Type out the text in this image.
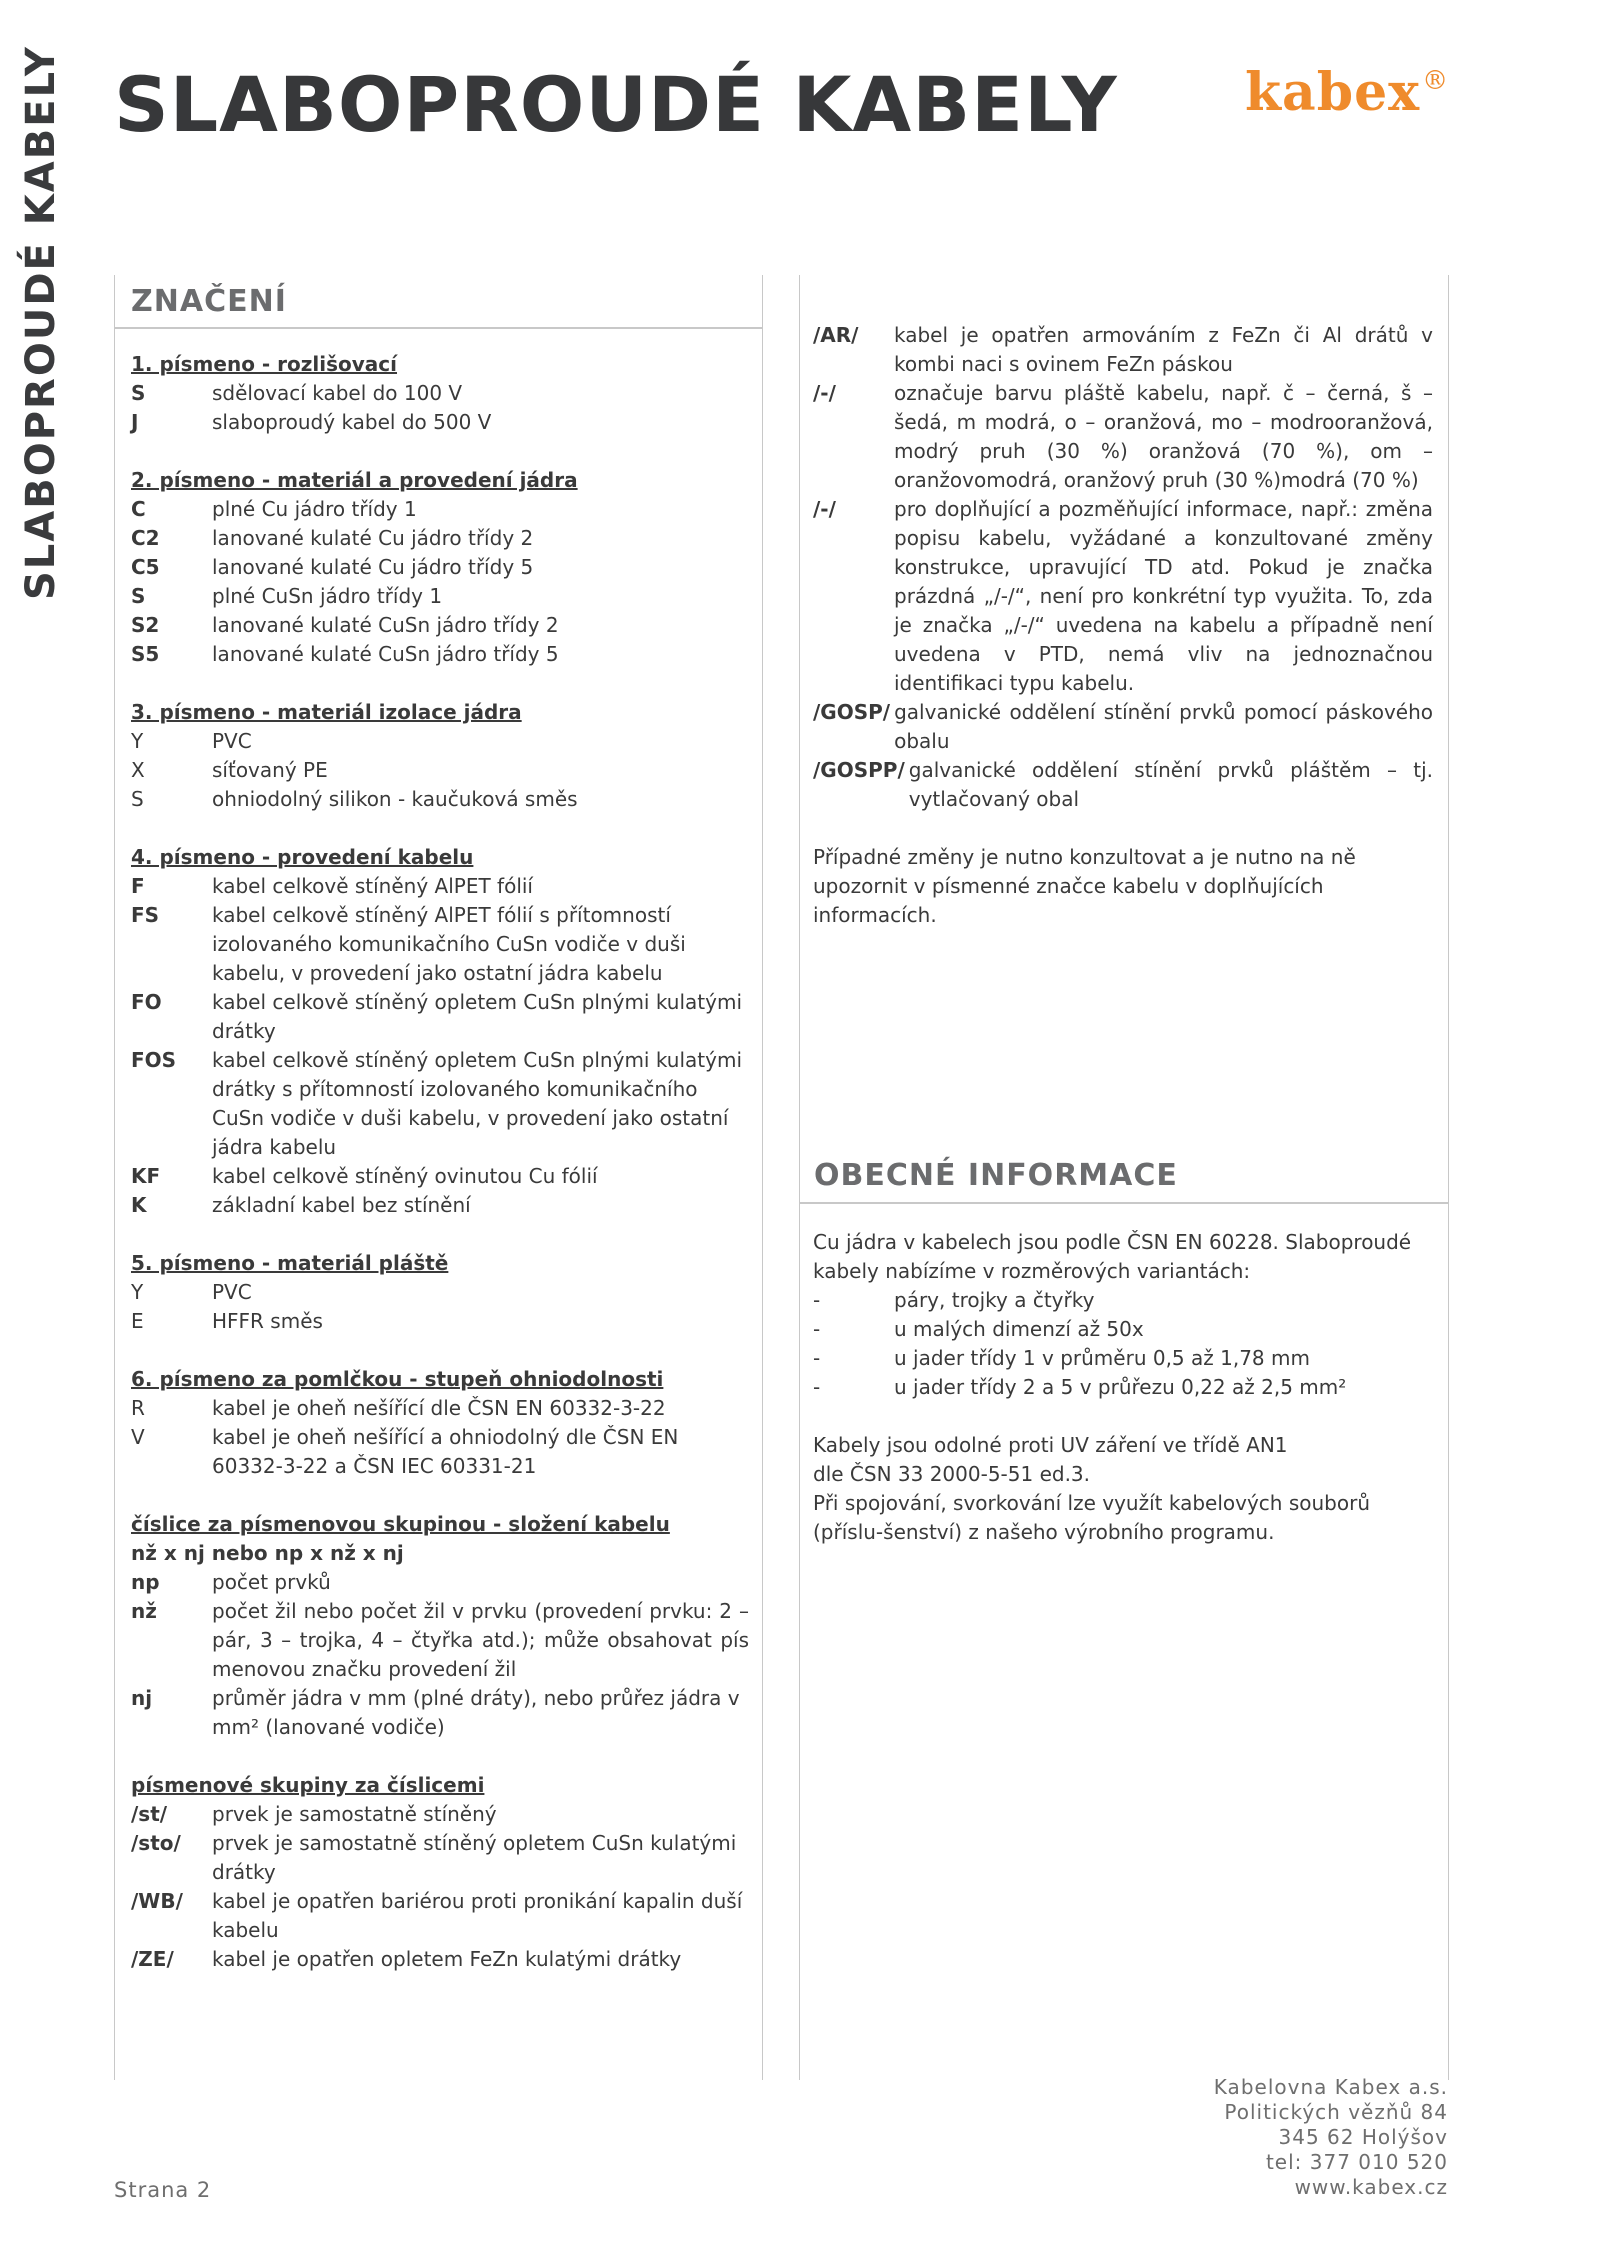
SLABOPROUDÉ KABELY SLABOPROUDÉ KABELY kabex®
ZNAČENÍ
OBECNÉ INFORMACE
1. písmeno - rozlišovací
S	sdělovací kabel do 100 V
J	slaboproudý kabel do 500 V
2. písmeno - materiál a provedení jádra
C	plné Cu jádro třídy 1
C2	lanované kulaté Cu jádro třídy 2
C5	lanované kulaté Cu jádro třídy 5
S	plné CuSn jádro třídy 1
S2	lanované kulaté CuSn jádro třídy 2
S5	lanované kulaté CuSn jádro třídy 5
3. písmeno - materiál izolace jádra
Y	PVC
X	síťovaný PE
S	ohniodolný silikon - kaučuková směs
4. písmeno - provedení kabelu
F	kabel celkově stíněný AlPET fólií
FS	kabel celkově stíněný AlPET fólií s přítomností izolovaného komunikačního CuSn vodiče v duši kabelu, v provedení jako ostatní jádra kabelu
FO	kabel celkově stíněný opletem CuSn plnými kulatými drátky
FOS	kabel celkově stíněný opletem CuSn plnými kulatými drátky s přítomností izolovaného komunikačního CuSn vodiče v duši kabelu, v provedení jako ostatní jádra kabelu
KF	kabel celkově stíněný ovinutou Cu fólií
K	základní kabel bez stínění
5. písmeno - materiál pláště
Y	PVC
E	HFFR směs
6. písmeno za pomlčkou - stupeň ohniodolnosti
R	kabel je oheň nešířící dle ČSN EN 60332-3-22
V	kabel je oheň nešířící a ohniodolný dle ČSN EN 60332-3-22 a ČSN IEC 60331-21
číslice za písmenovou skupinou - složení kabelu
nž x nj nebo np x nž x nj
np	počet prvků
nž	počet žil nebo počet žil v prvku (provedení prvku: 2 – pár, 3 – trojka, 4 – čtyřka atd.); může obsahovat pís menovou značku provedení žil
nj	průměr jádra v mm (plné dráty), nebo průřez jádra v mm² (lanované vodiče)
písmenové skupiny za číslicemi
/st/	prvek je samostatně stíněný
/sto/	prvek je samostatně stíněný opletem CuSn kulatými drátky
/WB/	kabel je opatřen bariérou proti pronikání kapalin duší kabelu
/ZE/	kabel je opatřen opletem FeZn kulatými drátky
/AR/	kabel je opatřen armováním z FeZn či Al drátů v kombi naci s ovinem FeZn páskou
/-/	označuje barvu pláště kabelu, např. č – černá, š – šedá, m modrá, o – oranžová, mo – modrooranžová, modrý pruh (30 %) oranžová (70 %), om – oranžovomodrá, oranžový pruh (30 %)modrá (70 %)
/-/	pro doplňující a pozměňující informace, např.: změna popisu kabelu, vyžádané a konzultované změny konstrukce, upravující TD atd. Pokud je značka prázdná „/-/“, není pro konkrétní typ využita. To, zda je značka „/-/“ uvedena na kabelu a případně není uvedena v PTD, nemá vliv na jednoznačnou identifikaci typu kabelu.
/GOSP/ galvanické oddělení stínění prvků pomocí páskového obalu
/GOSPP/ galvanické oddělení stínění prvků pláštěm – tj. vytlačovaný obal

Případné změny je nutno konzultovat a je nutno na ně upozornit v písmenné značce kabelu v doplňujících informacích.

Cu jádra v kabelech jsou podle ČSN EN 60228. Slaboproudé kabely nabízíme v rozměrových variantách:

-	páry, trojky a čtyřky
-	u malých dimenzí až 50x
-	u jader třídy 1 v průměru 0,5 až 1,78 mm
-	u jader třídy 2 a 5 v průřezu 0,22 až 2,5 mm²

Kabely jsou odolné proti UV záření ve třídě AN1 dle ČSN 33 2000-5-51 ed.3.

Při spojování, svorkování lze využít kabelových souborů (příslu-šenství) z našeho výrobního programu.

Strana 2
Kabelovna Kabex a.s.
Politických vězňů 84
345 62 Holýšov
tel: 377 010 520
www.kabex.cz
